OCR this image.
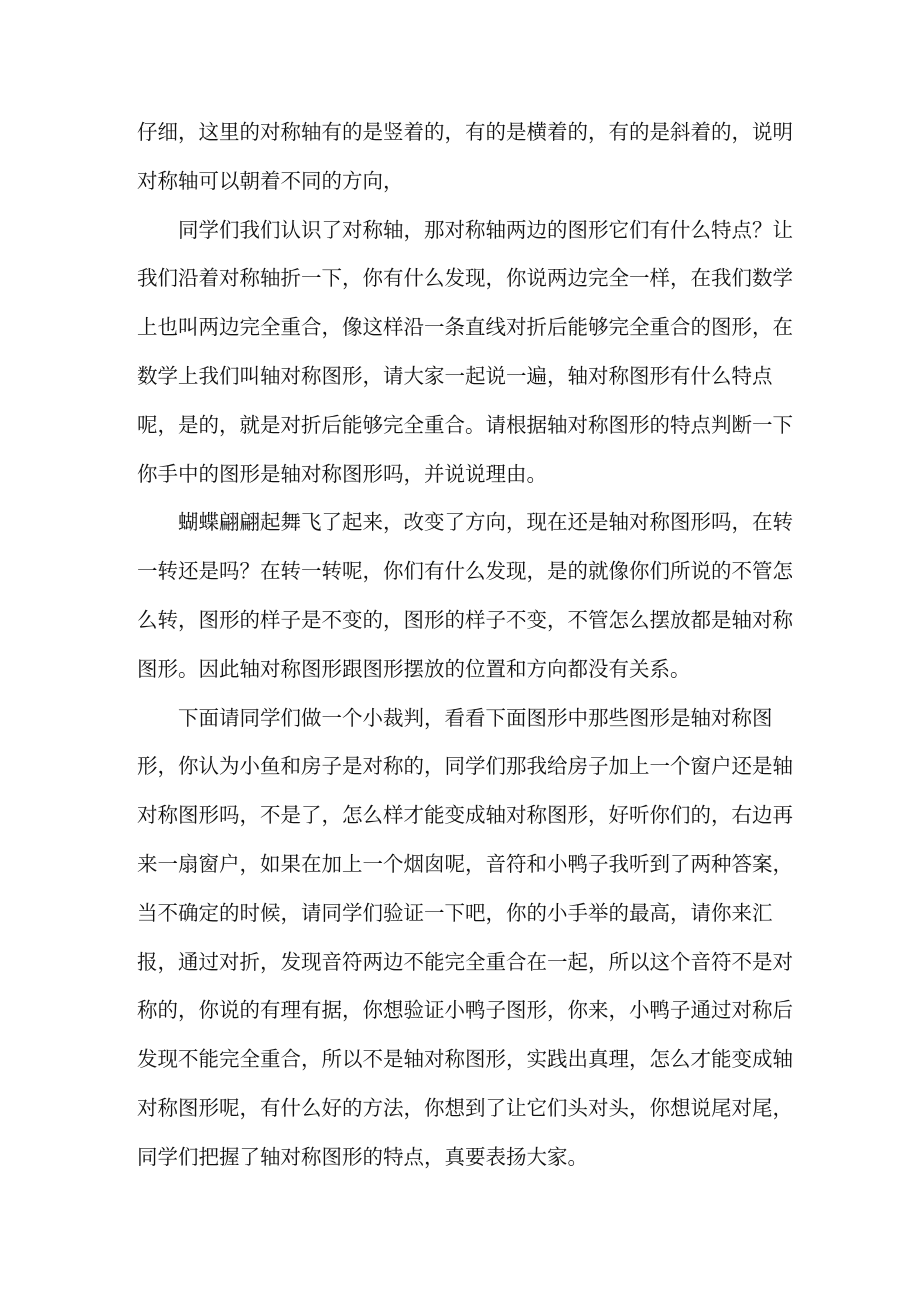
仔细，这里的对称轴有的是竖着的，有的是横着的，有的是斜着的，说明对称轴可以朝着不同的方向，

同学们我们认识了对称轴，那对称轴两边的图形它们有什么特点？让我们沿着对称轴折一下，你有什么发现，你说两边完全一样，在我们数学上也叫两边完全重合，像这样沿一条直线对折后能够完全重合的图形，在数学上我们叫轴对称图形，请大家一起说一遍，轴对称图形有什么特点呢，是的，就是对折后能够完全重合。请根据轴对称图形的特点判断一下你手中的图形是轴对称图形吗，并说说理由。

蝴蝶翩翩起舞飞了起来，改变了方向，现在还是轴对称图形吗，在转一转还是吗？在转一转呢，你们有什么发现，是的就像你们所说的不管怎么转，图形的样子是不变的，图形的样子不变，不管怎么摆放都是轴对称图形。因此轴对称图形跟图形摆放的位置和方向都没有关系。

下面请同学们做一个小裁判，看看下面图形中那些图形是轴对称图形，你认为小鱼和房子是对称的，同学们那我给房子加上一个窗户还是轴对称图形吗，不是了，怎么样才能变成轴对称图形，好听你们的，右边再来一扇窗户，如果在加上一个烟囱呢，音符和小鸭子我听到了两种答案，当不确定的时候，请同学们验证一下吧，你的小手举的最高，请你来汇报，通过对折，发现音符两边不能完全重合在一起，所以这个音符不是对称的，你说的有理有据，你想验证小鸭子图形，你来，小鸭子通过对称后发现不能完全重合，所以不是轴对称图形，实践出真理，怎么才能变成轴对称图形呢，有什么好的方法，你想到了让它们头对头，你想说尾对尾，同学们把握了轴对称图形的特点，真要表扬大家。
